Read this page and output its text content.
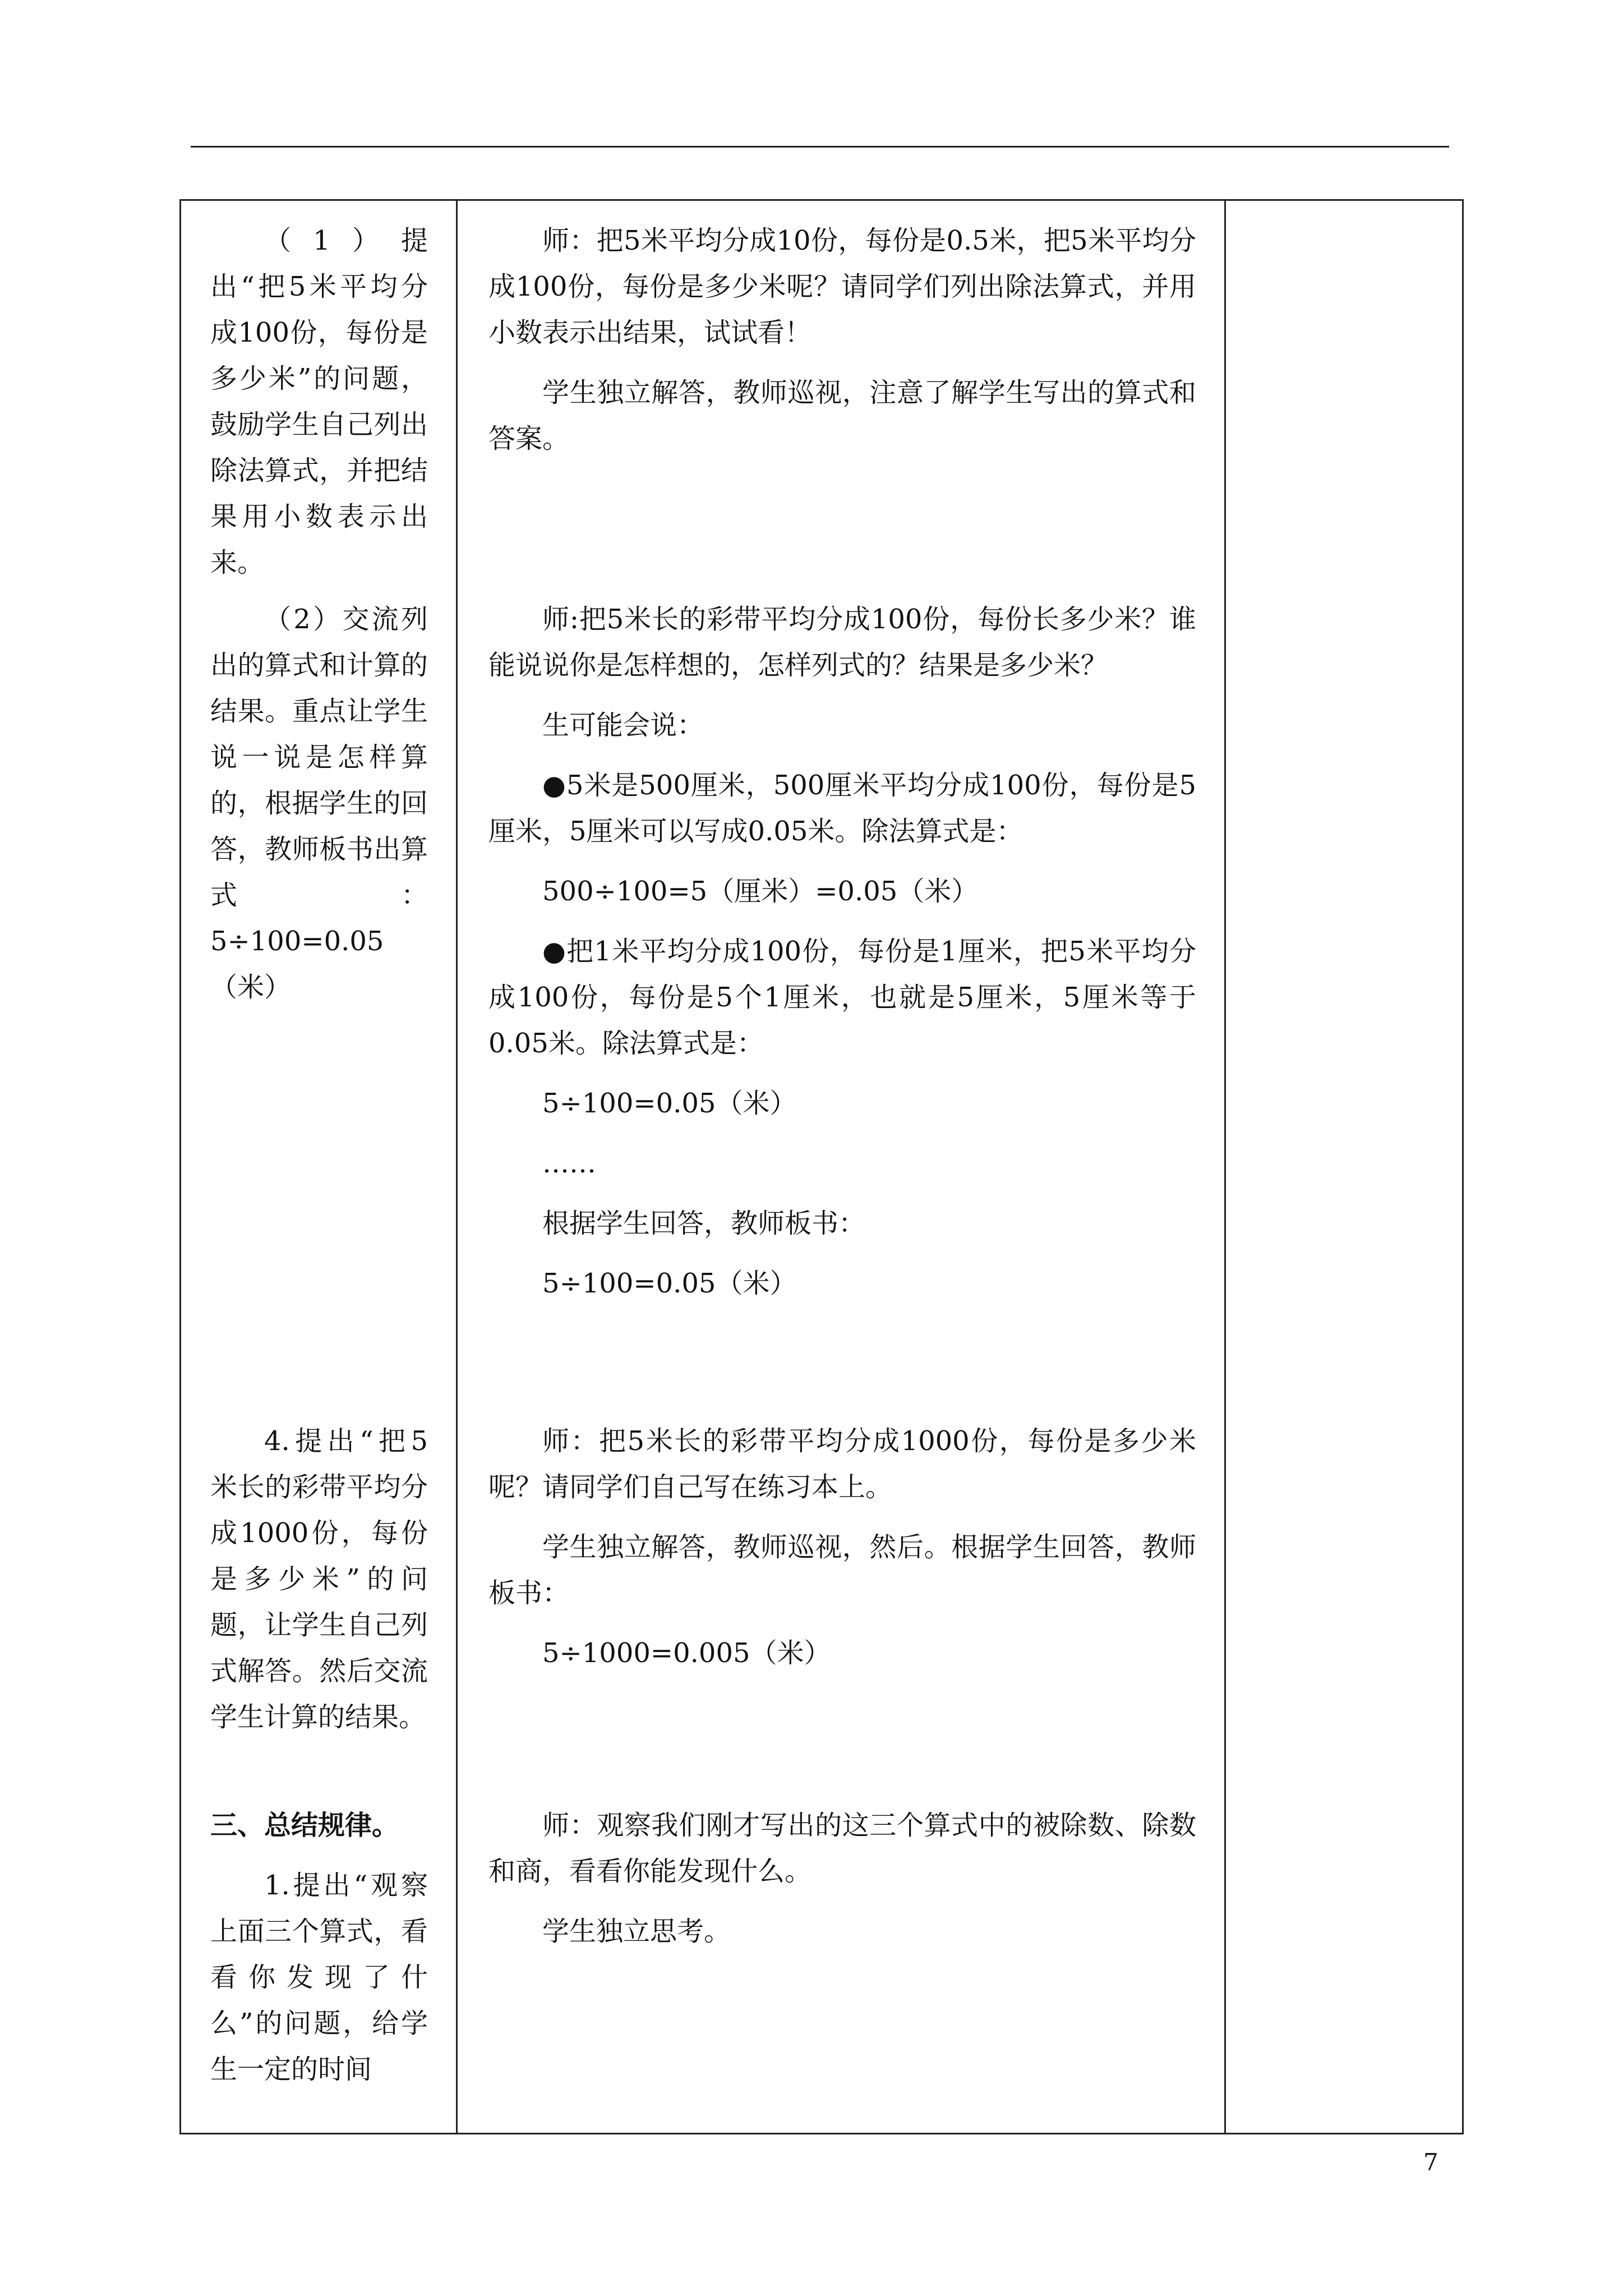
（1）提出“把5米平均分成100份，每份是多少米”的问题，鼓励学生自己列出除法算式，并把结果用小数表示出来。

（2）交流列出的算式和计算的结果。重点让学生说一说是怎样算的，根据学生的回答，教师板书出算式：5÷100=0.05（米）

4.提出“把5米长的彩带平均分成1000份，每份是多少米”的问题，让学生自己列式解答。然后交流学生计算的结果。

三、总结规律。

1.提出“观察上面三个算式，看看你发现了什么”的问题，给学生一定的时间

师：把5米平均分成10份，每份是0.5米，把5米平均分成100份，每份是多少米呢？请同学们列出除法算式，并用小数表示出结果，试试看！

学生独立解答，教师巡视，注意了解学生写出的算式和答案。

师:把5米长的彩带平均分成100份，每份长多少米？谁能说说你是怎样想的，怎样列式的？结果是多少米？

生可能会说：

●5米是500厘米，500厘米平均分成100份，每份是5厘米，5厘米可以写成0.05米。除法算式是：

500÷100=5（厘米）=0.05（米）

●把1米平均分成100份，每份是1厘米，把5米平均分成100份，每份是5个1厘米，也就是5厘米，5厘米等于0.05米。除法算式是：

5÷100=0.05（米）

……

根据学生回答，教师板书：

5÷100=0.05（米）

师：把5米长的彩带平均分成1000份，每份是多少米呢？请同学们自己写在练习本上。

学生独立解答，教师巡视，然后。根据学生回答，教师板书：

5÷1000=0.005（米）

师：观察我们刚才写出的这三个算式中的被除数、除数和商，看看你能发现什么。

学生独立思考。

7
